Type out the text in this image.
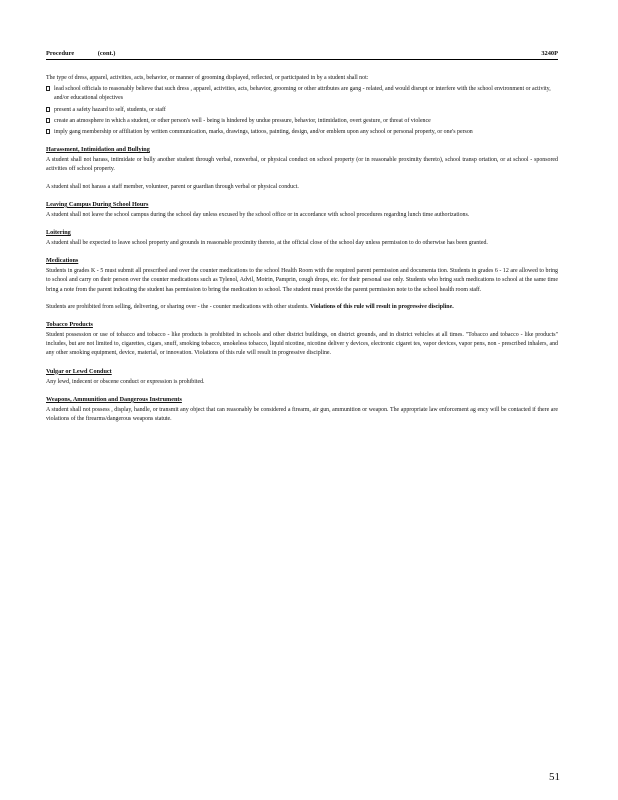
Procedure	(cont.)	3240P

The type of dress, apparel, activities, acts, behavior, or manner of grooming displayed, reflected, or participated in by a student shall not:

lead school officials to reasonably believe that such dress , apparel, activities, acts, behavior, grooming or other attributes are gang - related, and would disrupt or interfere with the school environment or activity, and/or educational objectives
present a safety hazard to self, students, or staff
create an atmosphere in which a student, or other person's well - being is hindered by undue pressure, behavior, intimidation, overt gesture, or threat of violence
imply gang membership or affiliation by written communication, marks, drawings, tattoos, painting, design, and/or emblem upon any school or personal property, or one's person
Harassment, Intimidation and Bullying

A student shall not harass, intimidate or bully another student through verbal, nonverbal, or physical conduct on school property (or in reasonable proximity thereto), school transp ortation, or at school - sponsored activities off school property.

A student shall not harass a staff member, volunteer, parent or guardian through verbal or physical conduct.

Leaving Campus During School Hours

A student shall not leave the school campus during the school day unless excused by the school office or in accordance with school procedures regarding lunch time authorizations.

Loitering

A student shall be expected to leave school property and grounds in reasonable proximity thereto, at the official close of the school day unless permission to do otherwise has been granted.

Medications

Students in grades K - 5 must submit all prescribed and over the counter medications to the school Health Room with the required parent permission and documenta tion. Students in grades 6 - 12 are allowed to bring to school and carry on their person over the counter medications such as Tylenol, Advil, Motrin, Pamprin, cough drops, etc. for their personal use only. Students who bring such medications to school at the same time bring a note from the parent indicating the student has permission to bring the medication to school. The student must provide the parent permission note to the school health room staff.

Students are prohibited from selling, delivering, or sharing over - the - counter medications with other students. Violations of this rule will result in progressive discipline.

Tobacco Products

Student possession or use of tobacco and tobacco - like products is prohibited in schools and other district buildings, on district grounds, and in district vehicles at all times. "Tobacco and tobacco - like products" includes, but are not limited to, cigarettes, cigars, snuff, smoking tobacco, smokeless tobacco, liquid nicotine, nicotine deliver y devices, electronic cigaret tes, vapor devices, vapor pens, non - prescribed inhalers, and any other smoking equipment, device, material, or innovation. Violations of this rule will result in progressive discipline.

Vulgar or Lewd Conduct

Any lewd, indecent or obscene conduct or expression is prohibited.

Weapons, Ammunition and Dangerous Instruments

A student shall not possess , display, handle, or transmit any object that can reasonably be considered a firearm, air gun, ammunition or weapon. The appropriate law enforcement ag ency will be contacted if there are violations of the firearms/dangerous weapons statute.

51
